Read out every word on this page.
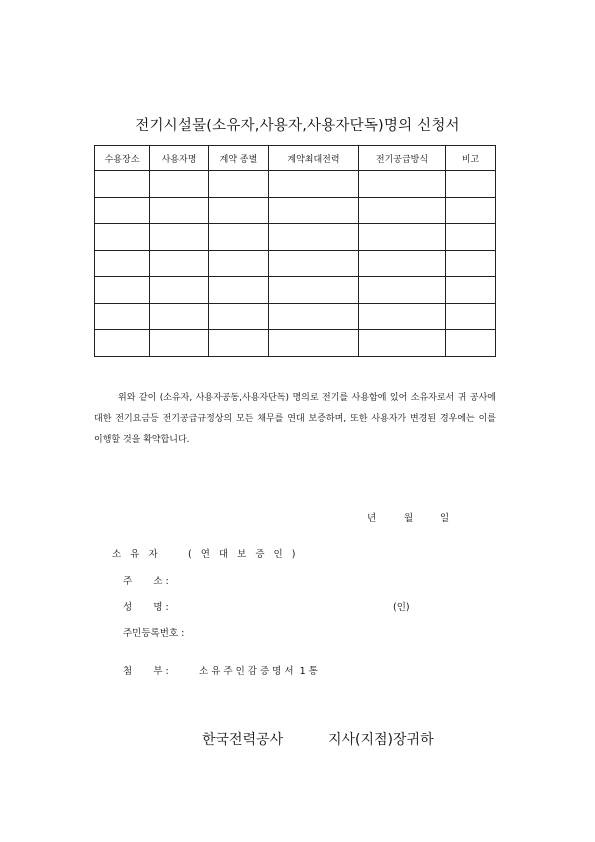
전기시설물(소유자,사용자,사용자단독)명의 신청서
수용장소	사용자명	계약 종별	계약최대전력	전기공급방식	비고

위와 같이 (소유자, 사용자공동,사용자단독) 명의로 전기를 사용함에 있어 소유자로서 귀 공사에 대한 전기요금등 전기공급규정상의 모든 채무를 연대 보증하며, 또한 사용자가 변경된 경우에는 이를 이행할 것을 확약합니다.
년	월	일
소   유   자	( 연 대 보 증 인 )
주       소 :
성       명 :	(인)
주민등록번호 :
첨       부 :	소 유 주 인 감 증 명 서  1 통
한국전력공사	지사(지점)장귀하
